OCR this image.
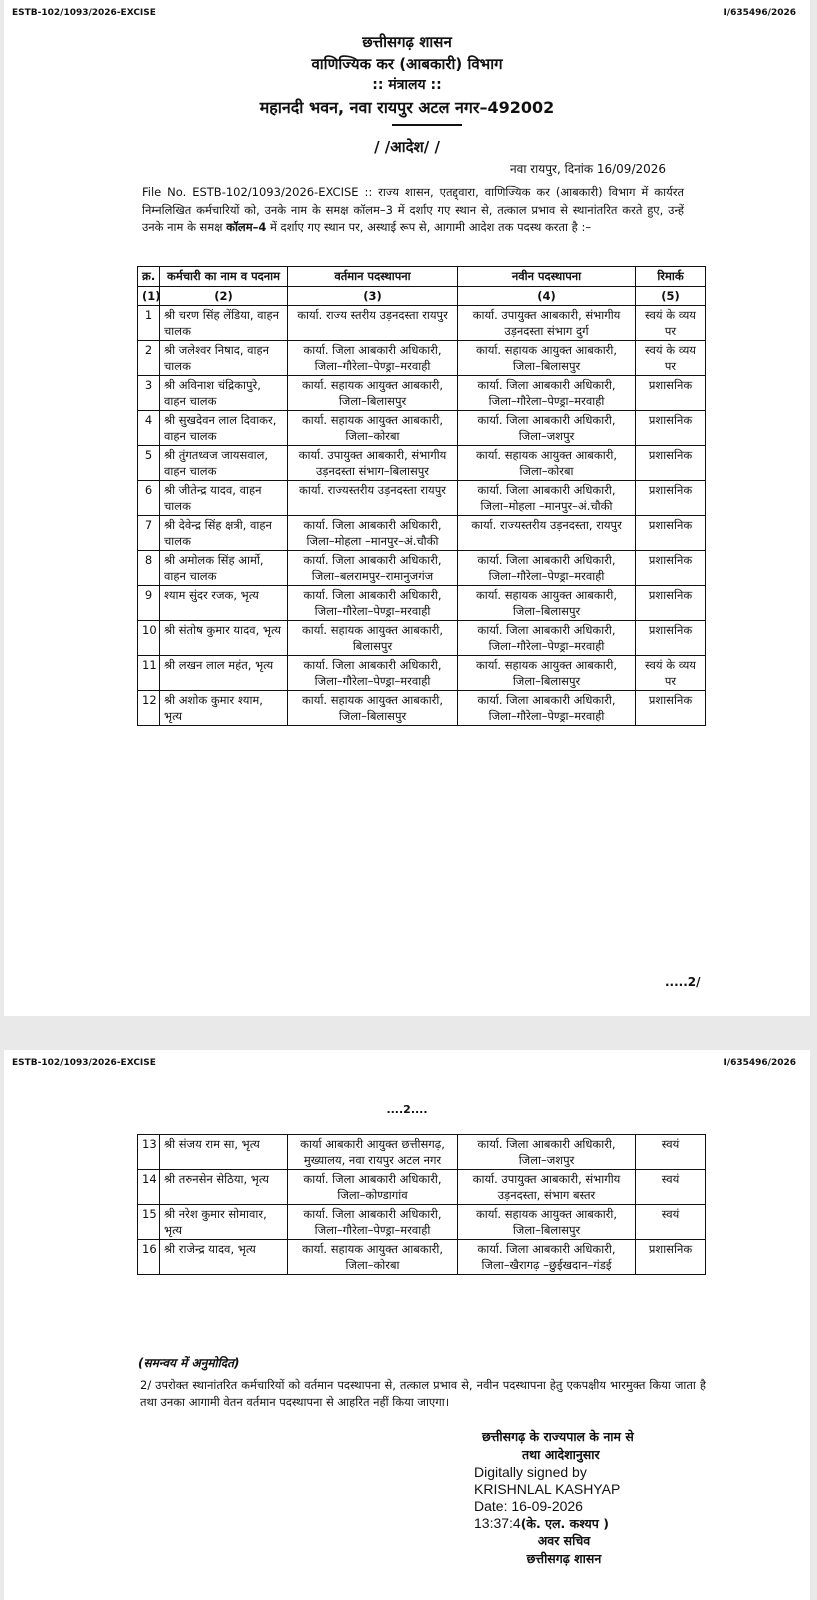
ESTB-102/1093/2026-EXCISE	I/635496/2026
छत्तीसगढ़ शासन
वाणिज्यिक कर (आबकारी) विभाग
:: मंत्रालय ::
महानदी भवन, नवा रायपुर अटल नगर–492002
/ /आदेश/ /
नवा रायपुर, दिनांक 16/09/2026
File No. ESTB-102/1093/2026-EXCISE :: राज्य शासन, एतद्द्वारा, वाणिज्यिक कर (आबकारी) विभाग में कार्यरत निम्नलिखित कर्मचारियों को, उनके नाम के समक्ष कॉलम–3 में दर्शाए गए स्थान से, तत्काल प्रभाव से स्थानांतरित करते हुए, उन्हें उनके नाम के समक्ष कॉलम–4 में दर्शाए गए स्थान पर, अस्थाई रूप से, आगामी आदेश तक पदस्थ करता है :–
.....2/
क्र.	कर्मचारी का नाम व पदनाम	वर्तमान पदस्थापना	नवीन पदस्थापना	रिमार्क
(1)	(2)	(3)	(4)	(5)
1	श्री चरण सिंह लेंडिया, वाहन चालक	कार्या. राज्य स्तरीय उड़नदस्ता रायपुर	कार्या. उपायुक्त आबकारी, संभागीय उड़नदस्ता संभाग दुर्ग	स्वयं के व्यय पर
2	श्री जलेश्वर निषाद, वाहन चालक	कार्या. जिला आबकारी अधिकारी, जिला–गौरेला–पेण्ड्रा–मरवाही	कार्या. सहायक आयुक्त आबकारी, जिला–बिलासपुर	स्वयं के व्यय पर
3	श्री अविनाश चंद्रिकापुरे, वाहन चालक	कार्या. सहायक आयुक्त आबकारी, जिला–बिलासपुर	कार्या. जिला आबकारी अधिकारी, जिला–गौरेला–पेण्ड्रा–मरवाही	प्रशासनिक
4	श्री सुखदेवन लाल दिवाकर, वाहन चालक	कार्या. सहायक आयुक्त आबकारी, जिला–कोरबा	कार्या. जिला आबकारी अधिकारी, जिला–जशपुर	प्रशासनिक
5	श्री तुंगतध्वज जायसवाल, वाहन चालक	कार्या. उपायुक्त आबकारी, संभागीय उड़नदस्ता संभाग–बिलासपुर	कार्या. सहायक आयुक्त आबकारी, जिला–कोरबा	प्रशासनिक
6	श्री जीतेन्द्र यादव, वाहन चालक	कार्या. राज्यस्तरीय उड़नदस्ता रायपुर	कार्या. जिला आबकारी अधिकारी, जिला–मोहला –मानपुर–अं.चौकी	प्रशासनिक
7	श्री देवेन्द्र सिंह क्षत्री, वाहन चालक	कार्या. जिला आबकारी अधिकारी, जिला–मोहला –मानपुर–अं.चौकी	कार्या. राज्यस्तरीय उड़नदस्ता, रायपुर	प्रशासनिक
8	श्री अमोलक सिंह आर्मो, वाहन चालक	कार्या. जिला आबकारी अधिकारी, जिला–बलरामपुर–रामानुजगंज	कार्या. जिला आबकारी अधिकारी, जिला–गौरेला–पेण्ड्रा–मरवाही	प्रशासनिक
9	श्याम सुंदर रजक, भृत्य	कार्या. जिला आबकारी अधिकारी, जिला–गौरेला–पेण्ड्रा–मरवाही	कार्या. सहायक आयुक्त आबकारी, जिला–बिलासपुर	प्रशासनिक
10	श्री संतोष कुमार यादव, भृत्य	कार्या. सहायक आयुक्त आबकारी, बिलासपुर	कार्या. जिला आबकारी अधिकारी, जिला–गौरेला–पेण्ड्रा–मरवाही	प्रशासनिक
11	श्री लखन लाल महंत, भृत्य	कार्या. जिला आबकारी अधिकारी, जिला–गौरेला–पेण्ड्रा–मरवाही	कार्या. सहायक आयुक्त आबकारी, जिला–बिलासपुर	स्वयं के व्यय पर
12	श्री अशोक कुमार श्याम, भृत्य	कार्या. सहायक आयुक्त आबकारी, जिला–बिलासपुर	कार्या. जिला आबकारी अधिकारी, जिला–गौरेला–पेण्ड्रा–मरवाही	प्रशासनिक
ESTB-102/1093/2026-EXCISE	I/635496/2026
....2....
13	श्री संजय राम सा, भृत्य	कार्या आबकारी आयुक्त छत्तीसगढ़, मुख्यालय, नवा रायपुर अटल नगर	कार्या. जिला आबकारी अधिकारी, जिला–जशपुर	स्वयं
14	श्री तरुनसेन सेठिया, भृत्य	कार्या. जिला आबकारी अधिकारी, जिला–कोण्डागांव	कार्या. उपायुक्त आबकारी, संभागीय उड़नदस्ता, संभाग बस्तर	स्वयं
15	श्री नरेश कुमार सोमावार, भृत्य	कार्या. जिला आबकारी अधिकारी, जिला–गौरेला–पेण्ड्रा–मरवाही	कार्या. सहायक आयुक्त आबकारी, जिला–बिलासपुर	स्वयं
16	श्री राजेन्द्र यादव, भृत्य	कार्या. सहायक आयुक्त आबकारी, जिला–कोरबा	कार्या. जिला आबकारी अधिकारी, जिला–खैरागढ़ –छुईखदान–गंडई	प्रशासनिक
(समन्वय में अनुमोदित)
2/ उपरोक्त स्थानांतरित कर्मचारियों को वर्तमान पदस्थापना से, तत्काल प्रभाव से, नवीन पदस्थापना हेतु एकपक्षीय भारमुक्त किया जाता है तथा उनका आगामी वेतन वर्तमान पदस्थापना से आहरित नहीं किया जाएगा।
छत्तीसगढ़ के राज्यपाल के नाम से
तथा आदेशानुसार
Digitally signed by
KRISHNLAL KASHYAP
Date: 16-09-2026
13:37:4(के. एल. कश्यप )
अवर सचिव
छत्तीसगढ़ शासन
